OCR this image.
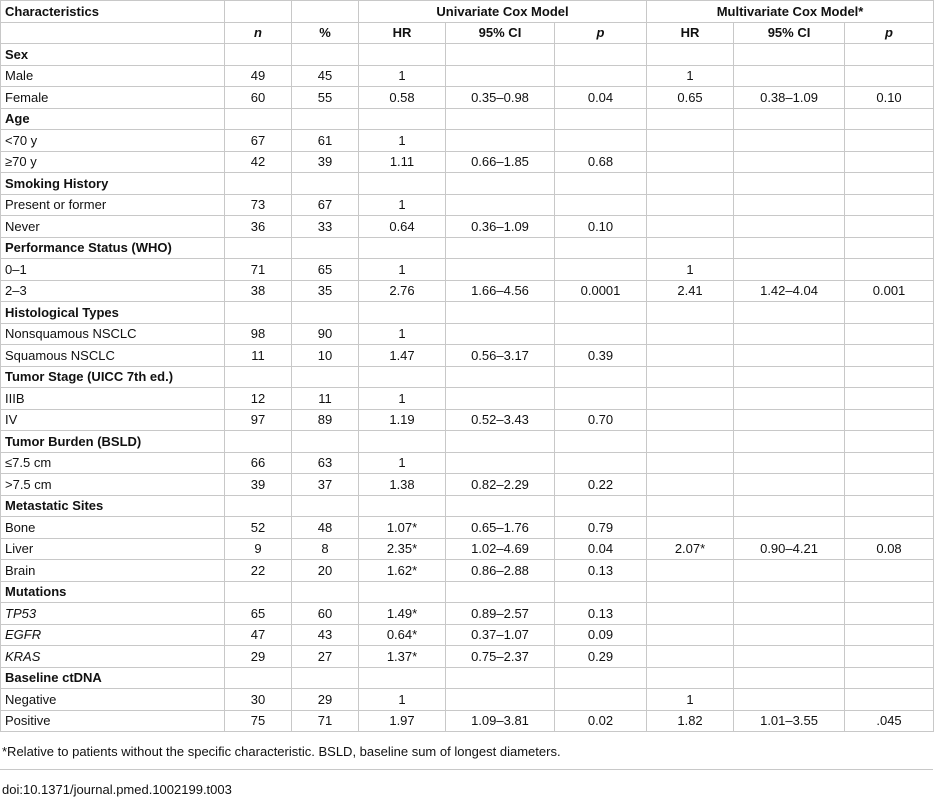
Characteristics			Univariate Cox Model			Multivariate Cox Model*		
	n	%	HR	95% CI	p	HR	95% CI	p
Sex								
Male	49	45	1			1		
Female	60	55	0.58	0.35–0.98	0.04	0.65	0.38–1.09	0.10
Age								
<70 y	67	61	1					
≥70 y	42	39	1.11	0.66–1.85	0.68			
Smoking History								
Present or former	73	67	1					
Never	36	33	0.64	0.36–1.09	0.10			
Performance Status (WHO)								
0–1	71	65	1			1		
2–3	38	35	2.76	1.66–4.56	0.0001	2.41	1.42–4.04	0.001
Histological Types								
Nonsquamous NSCLC	98	90	1					
Squamous NSCLC	11	10	1.47	0.56–3.17	0.39			
Tumor Stage (UICC 7th ed.)								
IIIB	12	11	1					
IV	97	89	1.19	0.52–3.43	0.70			
Tumor Burden (BSLD)								
≤7.5 cm	66	63	1					
>7.5 cm	39	37	1.38	0.82–2.29	0.22			
Metastatic Sites								
Bone	52	48	1.07*	0.65–1.76	0.79			
Liver	9	8	2.35*	1.02–4.69	0.04	2.07*	0.90–4.21	0.08
Brain	22	20	1.62*	0.86–2.88	0.13			
Mutations								
TP53	65	60	1.49*	0.89–2.57	0.13			
EGFR	47	43	0.64*	0.37–1.07	0.09			
KRAS	29	27	1.37*	0.75–2.37	0.29			
Baseline ctDNA								
Negative	30	29	1			1		
Positive	75	71	1.97	1.09–3.81	0.02	1.82	1.01–3.55	.045
*Relative to patients without the specific characteristic. BSLD, baseline sum of longest diameters.
doi:10.1371/journal.pmed.1002199.t003
